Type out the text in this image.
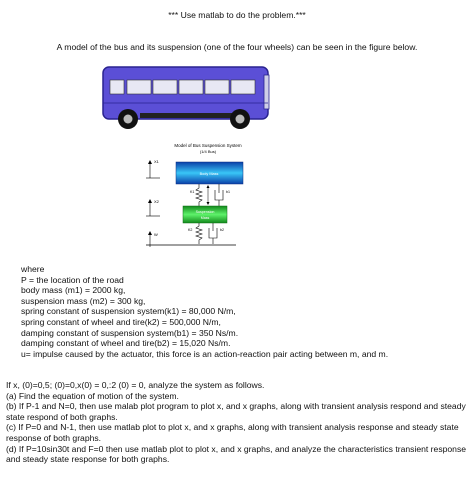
*** Use matlab to do the problem.***
A model of the bus and its suspension (one of the four wheels) can be seen in the figure below.
Model of Bus Suspension System
(1/4 Bus)
X1
Body Mass
K1	b1
X2
Suspension
Mass
K2	b2
W
where
P = the location of the road
body mass (m1) = 2000 kg,
suspension mass (m2) = 300 kg,
spring constant of suspension system(k1) = 80,000 N/m,
spring constant of wheel and tire(k2) = 500,000 N/m,
damping constant of suspension system(b1) = 350 Ns/m.
damping constant of wheel and tire(b2) = 15,020 Ns/m.
u= impulse caused by the actuator, this force is an action-reaction pair acting between m, and m.
If x, (0)=0,5; (0)=0,x(0) = 0,:2 (0) = 0, analyze the system as follows.
(a) Find the equation of motion of the system.
(b) If P-1 and N=0, then use malab plot program to plot x, and x graphs, along with transient analysis respond and steady state respond of both graphs.
(c) If P=0 and N-1, then use matlab plot to plot x, and x graphs, along with transient analysis response and steady state response of both graphs.
(d) If P=10sin30t and F=0 then use matlab plot to plot x, and x graphs, and analyze the characteristics transient response and steady state response for both graphs.
